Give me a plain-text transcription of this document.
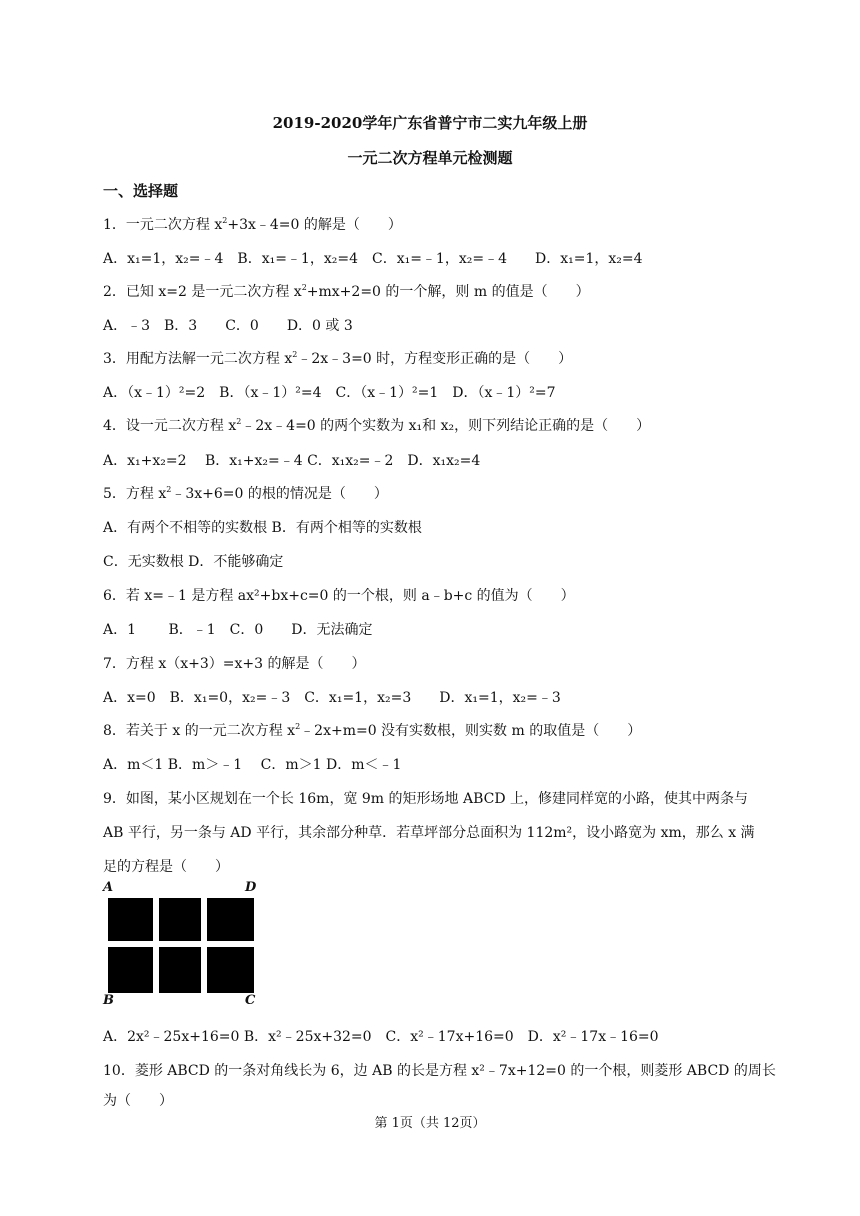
2019-2020学年广东省普宁市二实九年级上册
一元二次方程单元检测题
一、选择题
1．一元二次方程 $x^2+3x﹣4=0$ 的解是（　　）
A．x₁=1，x₂=﹣4　B．x₁=﹣1，x₂=4　C．x₁=﹣1，x₂=﹣4　　D．x₁=1，x₂=4
2．已知 x=2 是一元二次方程 $x^2+mx+2=0$ 的一个解，则 m 的值是（　　）
A．﹣3　B．3　　C．0　　D．0 或 3
3．用配方法解一元二次方程 $x^2﹣2x﹣3=0$ 时，方程变形正确的是（　　）
A．（x﹣1）²=2　B．（x﹣1）²=4　C．（x﹣1）²=1　D．（x﹣1）²=7
4．设一元二次方程 $x^2﹣2x﹣4=0$ 的两个实数为 x₁和 x₂，则下列结论正确的是（　　）
A．x₁+x₂=2　 B．x₁+x₂=﹣4 C．x₁x₂=﹣2　D．x₁x₂=4
5．方程 $x^2﹣3x+6=0$ 的根的情况是（　　）
A．有两个不相等的实数根 B．有两个相等的实数根
C．无实数根 D．不能够确定
6．若 x=﹣1 是方程 ax²+bx+c=0 的一个根，则 a﹣b+c 的值为（　　）
A．1　　 B．﹣1　C．0　　D．无法确定
7．方程 x（x+3）=x+3 的解是（　　）
A．x=0　B．x₁=0，x₂=﹣3　C．x₁=1，x₂=3　　D．x₁=1，x₂=﹣3
8．若关于 x 的一元二次方程 $x^2﹣2x+m=0$ 没有实数根，则实数 m 的取值是（　　）
A．m＜1 B．m＞﹣1　 C．m＞1 D．m＜﹣1
9．如图，某小区规划在一个长 16m，宽 9m 的矩形场地 ABCD 上，修建同样宽的小路，使其中两条与
AB 平行，另一条与 AD 平行，其余部分种草．若草坪部分总面积为 112m²，设小路宽为 xm，那么 x 满
足的方程是（　　）
A	D
B	C
A．2x²﹣25x+16=0 B．x²﹣25x+32=0　C．x²﹣17x+16=0　D．x²﹣17x﹣16=0
10．菱形 ABCD 的一条对角线长为 6，边 AB 的长是方程 x²﹣7x+12=0 的一个根，则菱形 ABCD 的周长
为（　　）
第 1页（共 12页）
